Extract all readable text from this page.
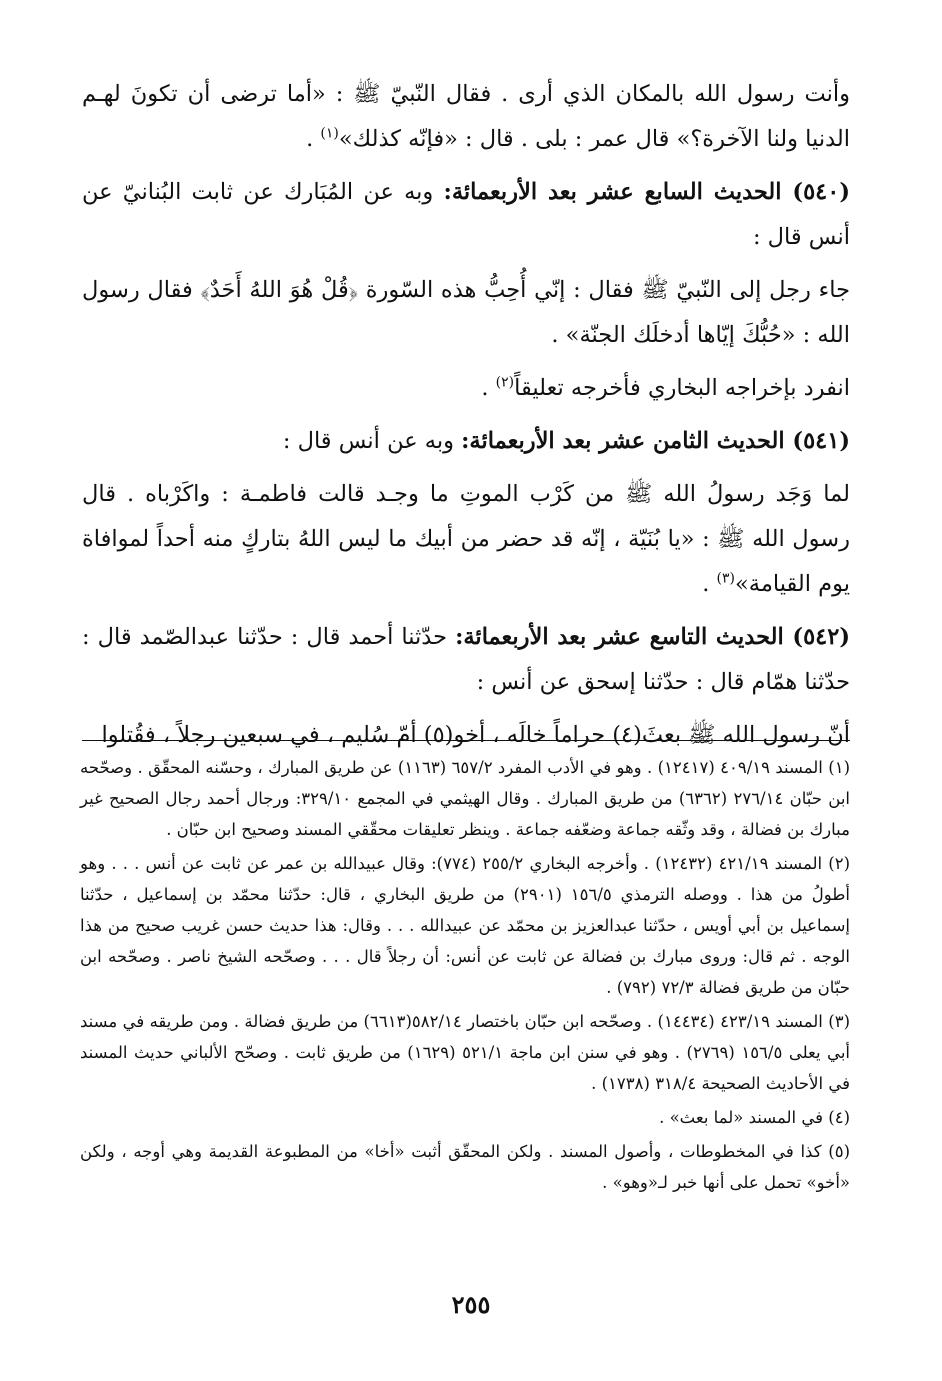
وأنت رسول الله بالمكان الذي أرى . فقال النّبيّ ﷺ : «أما ترضى أن تكونَ لهـم الدنيا ولنا الآخرة؟» قال عمر : بلى . قال : «فإنّه كذلك»$^{(١)}$ .

(٥٤٠) الحديث السابع عشر بعد الأربعمائة: وبه عن المُبَارك عن ثابت البُنانيّ عن أنس قال :

جاء رجل إلى النّبيّ ﷺ فقال : إنّي أُحِبُّ هذه السّورة ﴿قُلْ هُوَ اللهُ أَحَدٌ﴾ فقال رسول الله : «حُبُّكَ إيّاها أدخلَك الجنّة» .

انفرد بإخراجه البخاري فأخرجه تعليقاً$^{(٢)}$ .

(٥٤١) الحديث الثامن عشر بعد الأربعمائة: وبه عن أنس قال :

لما وَجَد رسولُ الله ﷺ من كَرْب الموتِ ما وجـد قالت فاطمـة : واكَرْباه . قال رسول الله ﷺ : «يا بُنَيّة ، إنّه قد حضر من أبيك ما ليس اللهُ بتاركٍ منه أحداً لموافاة يوم القيامة»$^{(٣)}$ .

(٥٤٢) الحديث التاسع عشر بعد الأربعمائة: حدّثنا أحمد قال : حدّثنا عبدالصّمد قال : حدّثنا همّام قال : حدّثنا إسحق عن أنس :

أنّ رسول الله ﷺ بعثَ(٤) حراماً خالَه ، أخو(٥) أمّ سُليم ، في سبعين رجلاً ، فقُتلوا

(١) المسند ٤٠٩/١٩ (١٢٤١٧) . وهو في الأدب المفرد ٦٥٧/٢ (١١٦٣) عن طريق المبارك ، وحسّنه المحقّق . وصحّحه ابن حبّان ٢٧٦/١٤ (٦٣٦٢) من طريق المبارك . وقال الهيثمي في المجمع ٣٢٩/١٠: ورجال أحمد رجال الصحيح غير مبارك بن فضالة ، وقد وثّقه جماعة وضعّفه جماعة . وينظر تعليقات محقّقي المسند وصحيح ابن حبّان .

(٢) المسند ٤٢١/١٩ (١٢٤٣٢) . وأخرجه البخاري ٢٥٥/٢ (٧٧٤): وقال عبيدالله بن عمر عن ثابت عن أنس . . . وهو أطولُ من هذا . ووصله الترمذي ١٥٦/٥ (٢٩٠١) من طريق البخاري ، قال: حدّثنا محمّد بن إسماعيل ، حدّثنا إسماعيل بن أبي أويس ، حدّثنا عبدالعزيز بن محمّد عن عبيدالله . . . وقال: هذا حديث حسن غريب صحيح من هذا الوجه . ثم قال: وروى مبارك بن فضالة عن ثابت عن أنس: أن رجلاً قال . . . وصحّحه الشيخ ناصر . وصحّحه ابن حبّان من طريق فضالة ٧٢/٣ (٧٩٢) .

(٣) المسند ٤٢٣/١٩ (١٤٤٣٤) . وصحّحه ابن حبّان باختصار ٥٨٢/١٤(٦٦١٣) من طريق فضالة . ومن طريقه في مسند أبي يعلى ١٥٦/٥ (٢٧٦٩) . وهو في سنن ابن ماجة ٥٢١/١ (١٦٢٩) من طريق ثابت . وصحّح الألباني حديث المسند في الأحاديث الصحيحة ٣١٨/٤ (١٧٣٨) .

(٤) في المسند «لما بعث» .

(٥) كذا في المخطوطات ، وأصول المسند . ولكن المحقّق أثبت «أخا» من المطبوعة القديمة وهي أوجه ، ولكن «أخو» تحمل على أنها خبر لـ«وهو» .

٢٥٥
